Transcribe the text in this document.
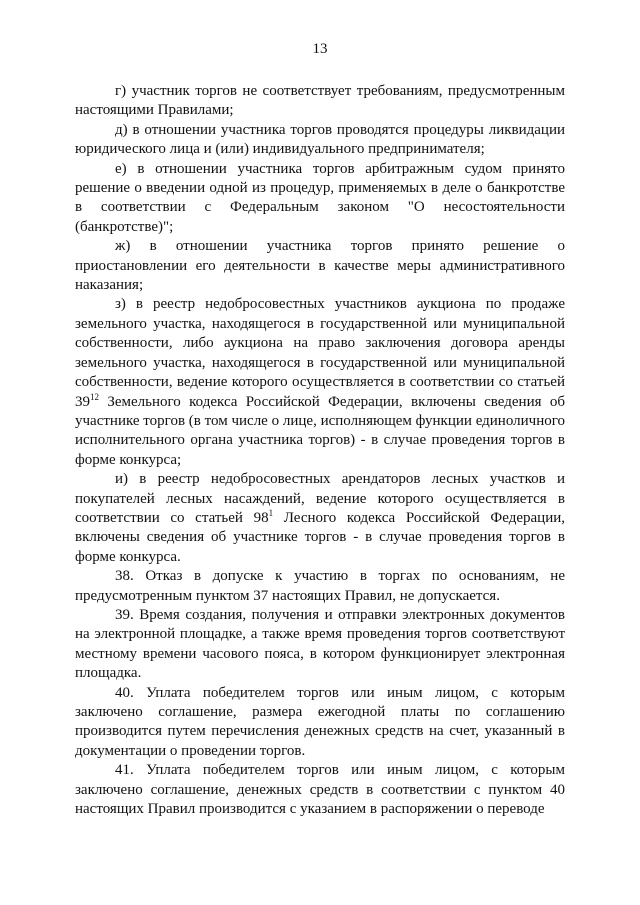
13

г) участник торгов не соответствует требованиям, предусмотренным настоящими Правилами;

д) в отношении участника торгов проводятся процедуры ликвидации юридического лица и (или) индивидуального предпринимателя;

е) в отношении участника торгов арбитражным судом принято решение о введении одной из процедур, применяемых в деле о банкротстве в соответствии с Федеральным законом "О несостоятельности (банкротстве)";

ж) в отношении участника торгов принято решение о приостановлении его деятельности в качестве меры административного наказания;

з) в реестр недобросовестных участников аукциона по продаже земельного участка, находящегося в государственной или муниципальной собственности, либо аукциона на право заключения договора аренды земельного участка, находящегося в государственной или муниципальной собственности, ведение которого осуществляется в соответствии со статьей $39^{12}$ Земельного кодекса Российской Федерации, включены сведения об участнике торгов (в том числе о лице, исполняющем функции единоличного исполнительного органа участника торгов) - в случае проведения торгов в форме конкурса;

и) в реестр недобросовестных арендаторов лесных участков и покупателей лесных насаждений, ведение которого осуществляется в соответствии со статьей $98^1$ Лесного кодекса Российской Федерации, включены сведения об участнике торгов - в случае проведения торгов в форме конкурса.

38. Отказ в допуске к участию в торгах по основаниям, не предусмотренным пунктом 37 настоящих Правил, не допускается.

39. Время создания, получения и отправки электронных документов на электронной площадке, а также время проведения торгов соответствуют местному времени часового пояса, в котором функционирует электронная площадка.

40. Уплата победителем торгов или иным лицом, с которым заключено соглашение, размера ежегодной платы по соглашению производится путем перечисления денежных средств на счет, указанный в документации о проведении торгов.

41. Уплата победителем торгов или иным лицом, с которым заключено соглашение, денежных средств в соответствии с пунктом 40 настоящих Правил производится с указанием в распоряжении о переводе
